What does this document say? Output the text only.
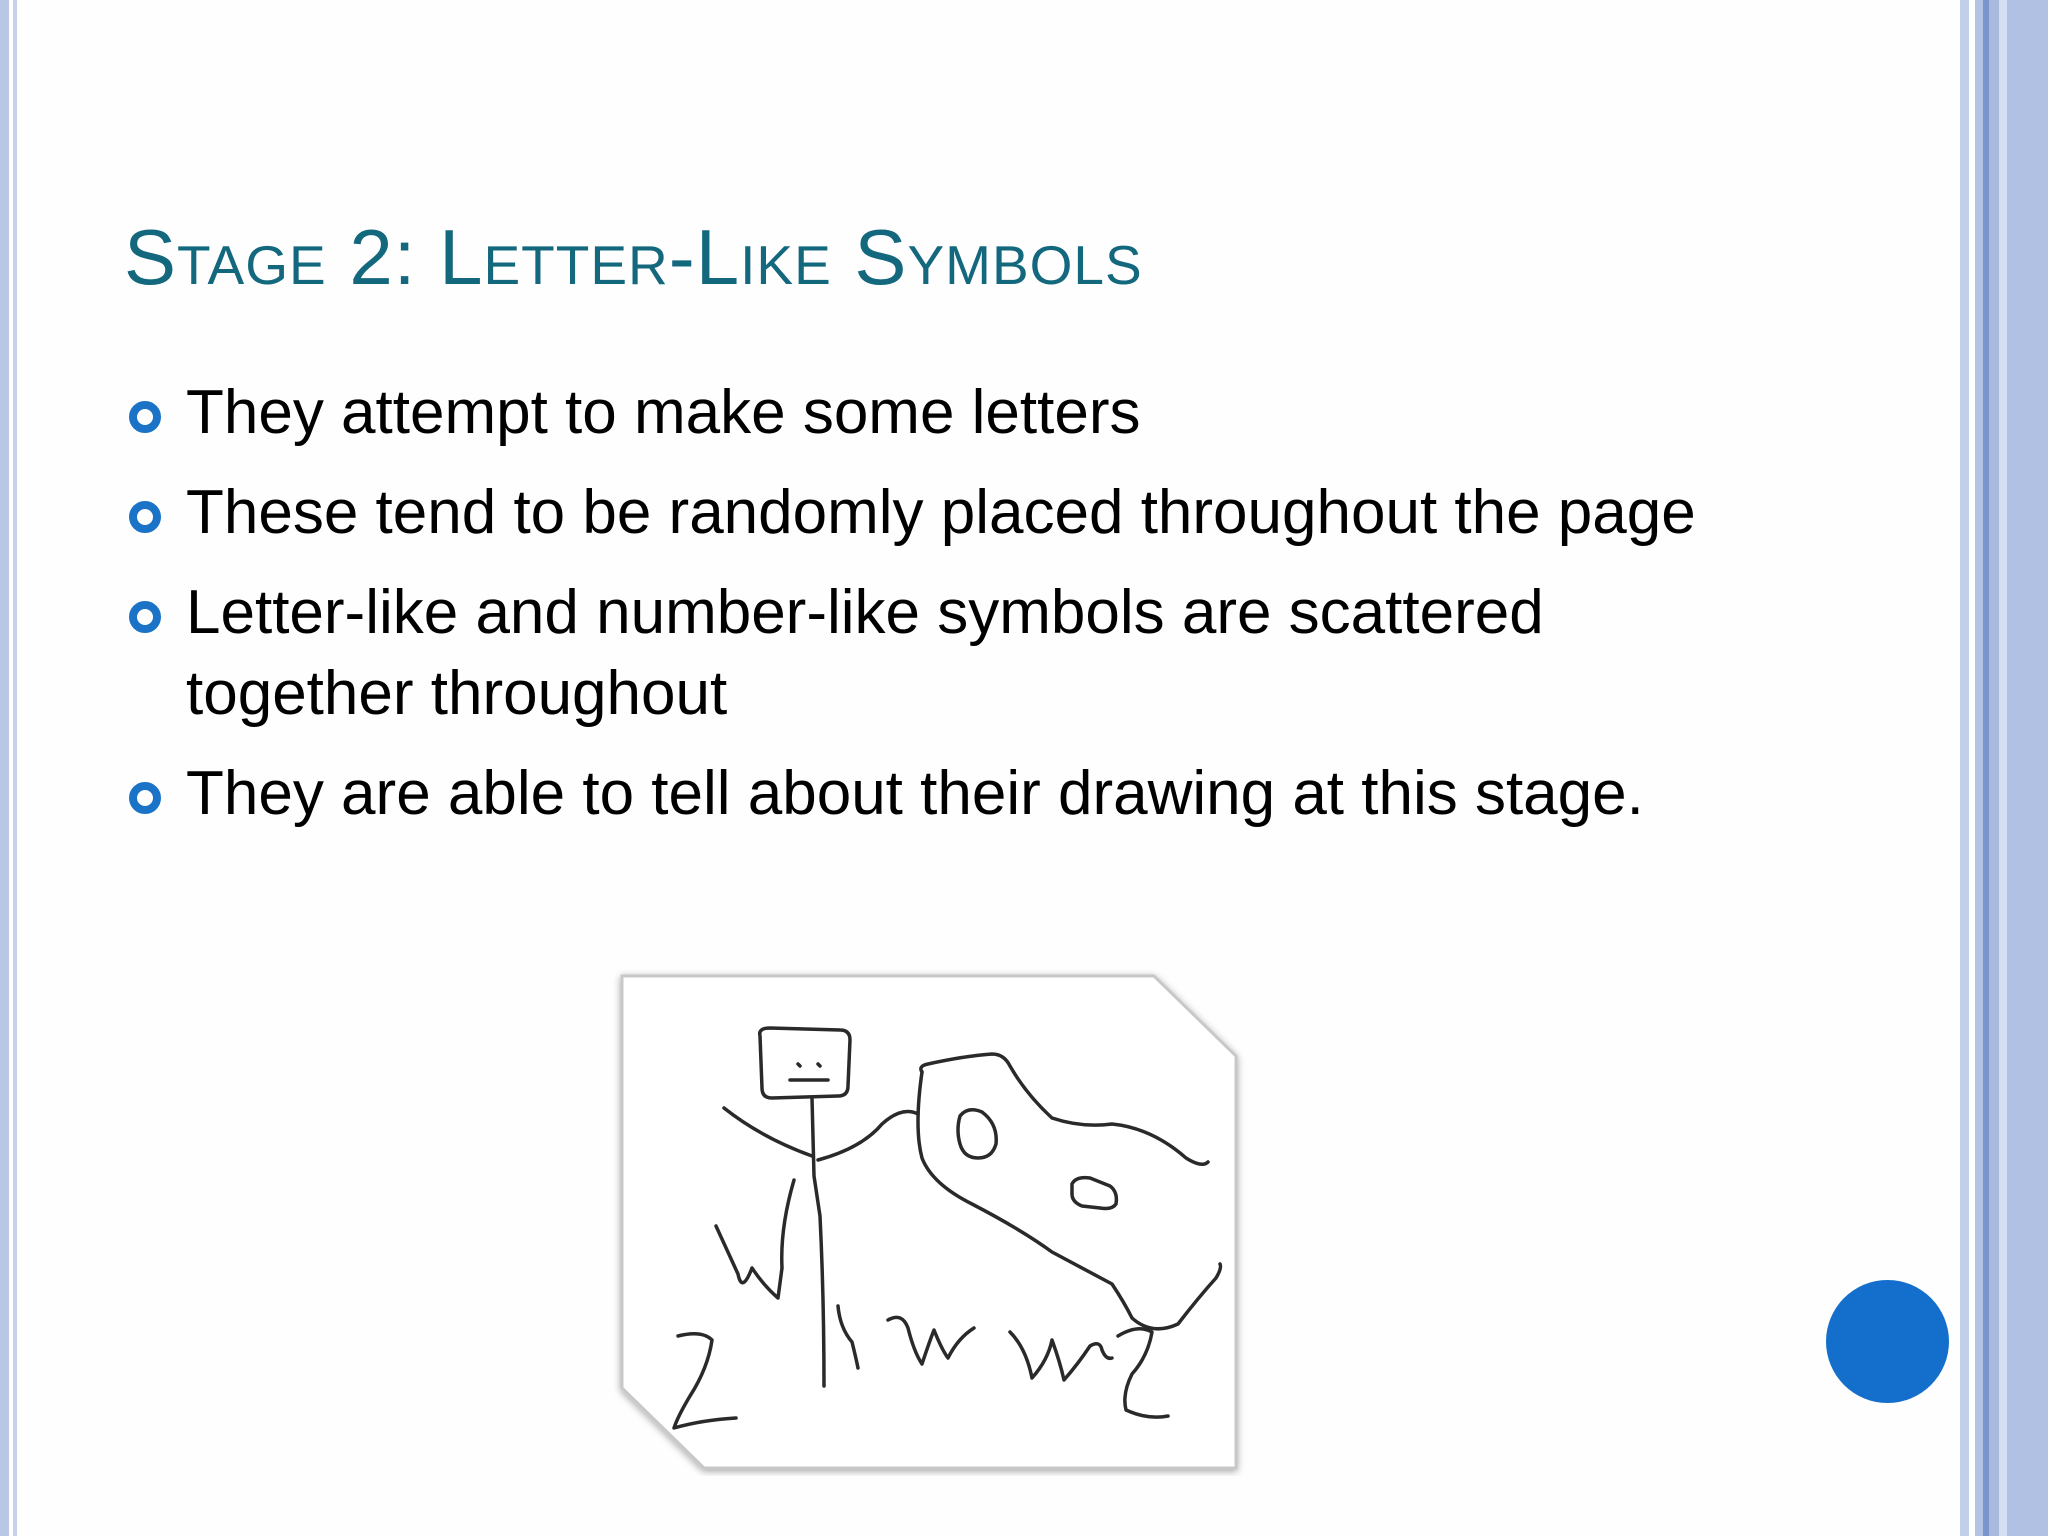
Stage 2: Letter-Like Symbols
They attempt to make some letters
These tend to be randomly placed throughout the page
Letter-like and number-like symbols are scattered together throughout
They are able to tell about their drawing at this stage.
